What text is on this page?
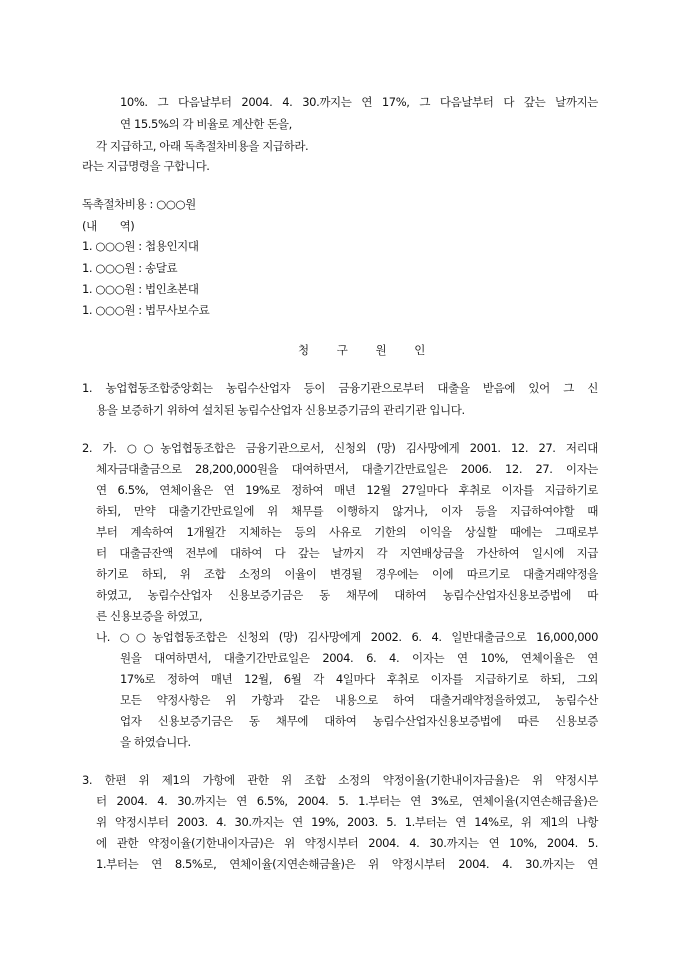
10%. 그 다음날부터 2004. 4. 30.까지는 연 17%, 그 다음날부터 다 갚는 날까지는
연 15.5%의 각 비율로 계산한 돈을,
각 지급하고, 아래 독촉절차비용을 지급하라.
라는 지급명령을 구합니다.
독촉절차비용 : ○○○원
(내       역)
1. ○○○원 : 첩용인지대
1. ○○○원 : 송달료
1. ○○○원 : 법인초본대
1. ○○○원 : 법무사보수료
청 구 원 인
1. 농업협동조합중앙회는 농림수산업자 등이 금융기관으로부터 대출을 받음에 있어 그 신
용을 보증하기 위하여 설치된 농림수산업자 신용보증기금의 관리기관 입니다.
2. 가. ○○농업협동조합은 금융기관으로서, 신청외 (망) 김사망에게 2001. 12. 27. 저리대
체자금대출금으로 28,200,000원을 대여하면서, 대출기간만료일은 2006. 12. 27. 이자는
연 6.5%, 연체이율은 연 19%로 정하여 매년 12월 27일마다 후취로 이자를 지급하기로
하되, 만약 대출기간만료일에 위 채무를 이행하지 않거나, 이자 등을 지급하여야할 때
부터 계속하여 1개월간 지체하는 등의 사유로 기한의 이익을 상실할 때에는 그때로부
터 대출금잔액 전부에 대하여 다 갚는 날까지 각 지연배상금을 가산하여 일시에 지급
하기로 하되, 위 조합 소정의 이율이 변경될 경우에는 이에 따르기로 대출거래약정을
하였고, 농림수산업자 신용보증기금은 동 채무에 대하여 농림수산업자신용보증법에 따
른 신용보증을 하였고,
나. ○○농업협동조합은 신청외 (망) 김사망에게 2002. 6. 4. 일반대출금으로 16,000,000
원을 대여하면서, 대출기간만료일은 2004. 6. 4. 이자는 연 10%, 연체이율은 연
17%로 정하여 매년 12월, 6월 각 4일마다 후취로 이자를 지급하기로 하되, 그외
모든 약정사항은 위 가항과 같은 내용으로 하여 대출거래약정을하였고, 농림수산
업자 신용보증기금은 동 채무에 대하여 농림수산업자신용보증법에 따른 신용보증
을 하였습니다.
3. 한편 위 제1의 가항에 관한 위 조합 소정의 약정이율(기한내이자금율)은 위 약정시부
터 2004. 4. 30.까지는 연 6.5%, 2004. 5. 1.부터는 연 3%로, 연체이율(지연손해금율)은
위 약정시부터 2003. 4. 30.까지는 연 19%, 2003. 5. 1.부터는 연 14%로, 위 제1의 나항
에 관한 약정이율(기한내이자금)은 위 약정시부터 2004. 4. 30.까지는 연 10%, 2004. 5.
1.부터는 연 8.5%로, 연체이율(지연손해금율)은 위 약정시부터 2004. 4. 30.까지는 연
